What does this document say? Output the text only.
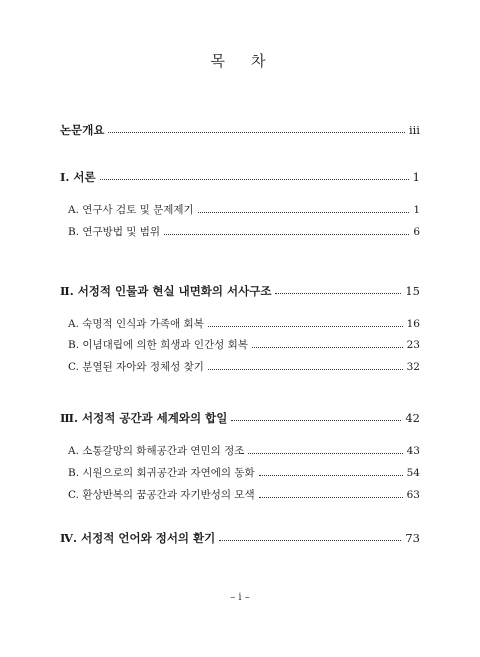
목 차
논문개요	iii
Ⅰ. 서론	1
A. 연구사 검토 및 문제제기	1
B. 연구방법 및 범위	6
Ⅱ. 서정적 인물과 현실 내면화의 서사구조	15
A. 숙명적 인식과 가족애 회복	16
B. 이념대립에 의한 희생과 인간성 회복	23
C. 분열된 자아와 정체성 찾기	32
Ⅲ. 서정적 공간과 세계와의 합일	42
A. 소통갈망의 화해공간과 연민의 정조	43
B. 시원으로의 회귀공간과 자연에의 동화	54
C. 환상반복의 꿈공간과 자기반성의 모색	63
Ⅳ. 서정적 언어와 정서의 환기	73
– i –
